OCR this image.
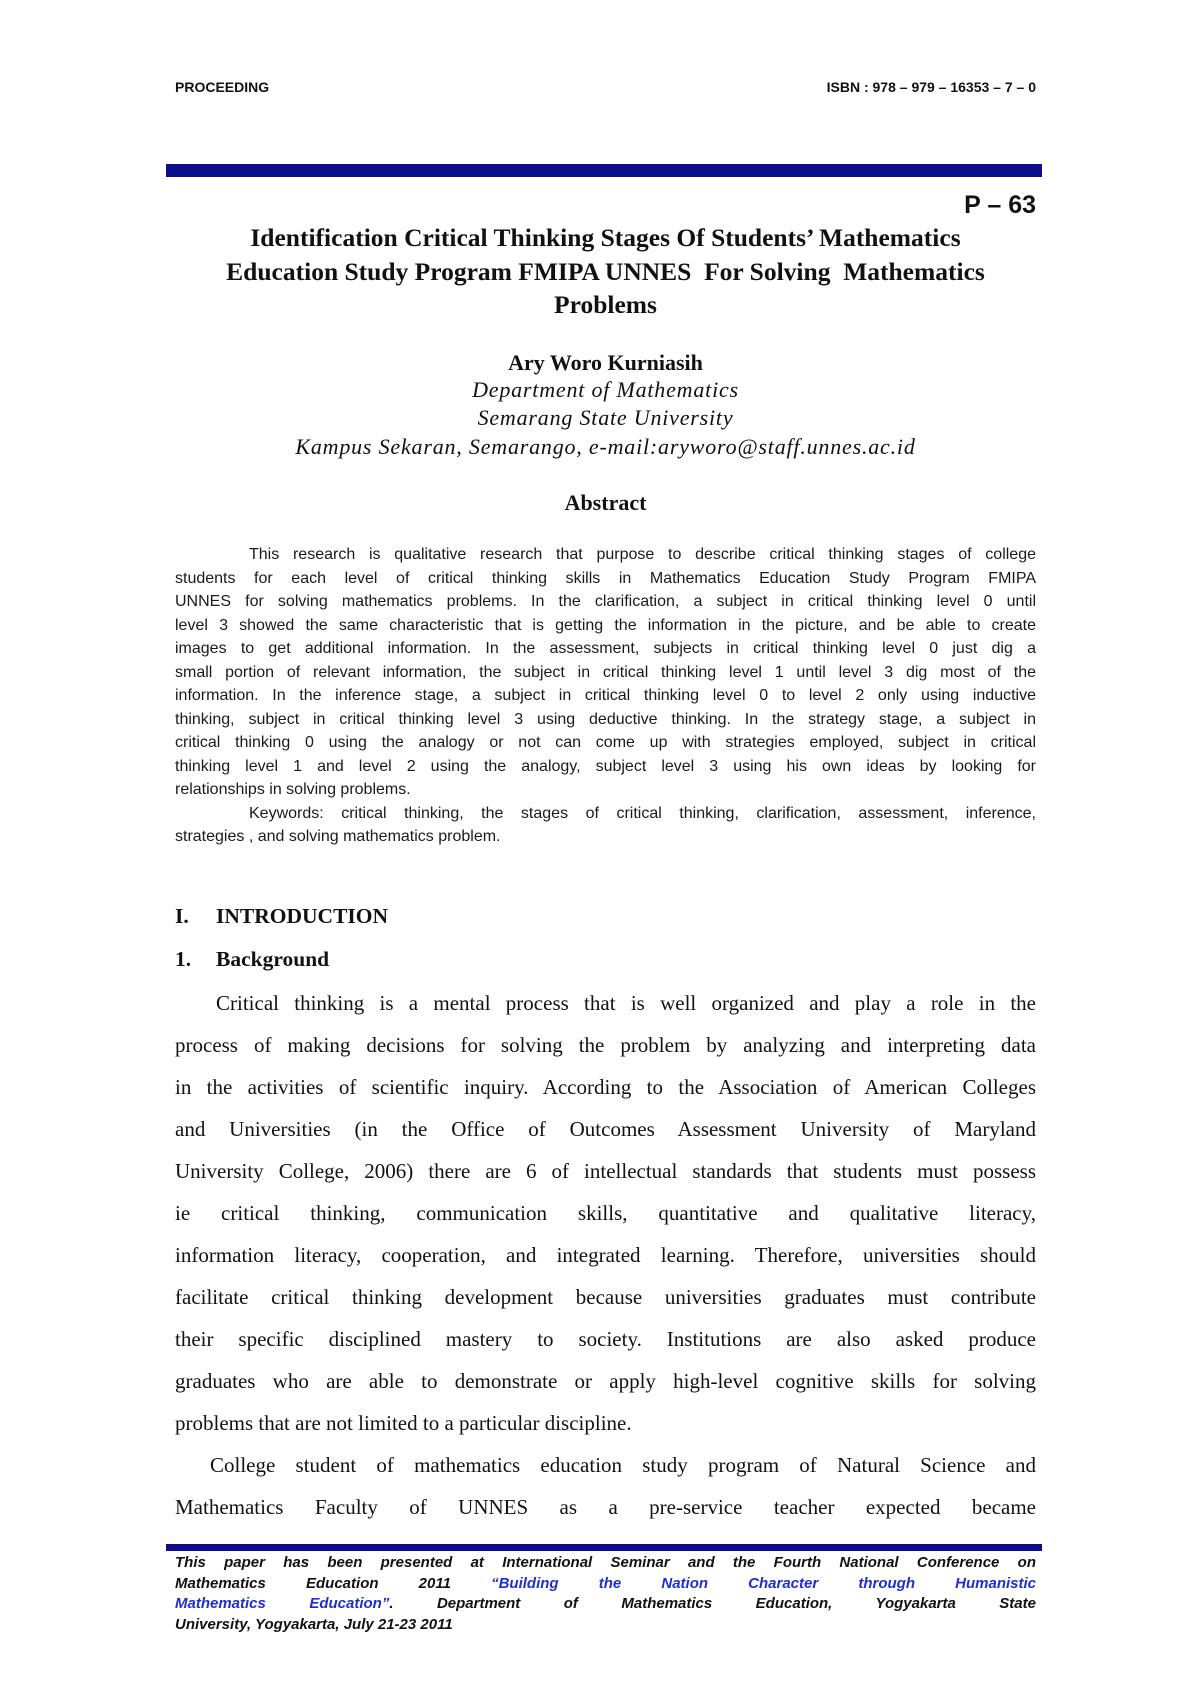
PROCEEDING	ISBN : 978 – 979 – 16353 – 7 – 0
P – 63
Identification Critical Thinking Stages Of Students’ Mathematics
Education Study Program FMIPA UNNES  For Solving  Mathematics
Problems
Ary Woro Kurniasih
Department of Mathematics
Semarang State University
Kampus Sekaran, Semarango, e-mail:aryworo@staff.unnes.ac.id
Abstract
This research is qualitative research that purpose to describe critical thinking stages of college
students for each level of critical thinking skills in Mathematics Education Study Program FMIPA
UNNES for solving mathematics problems. In the clarification, a subject in critical thinking level 0 until
level 3 showed the same characteristic that is getting the information in the picture, and be able to create
images to get additional information. In the assessment, subjects in critical thinking level 0 just dig a
small portion of relevant information, the subject in critical thinking level 1 until level 3 dig most of the
information. In the inference stage, a subject in critical thinking level 0 to level 2 only using inductive
thinking, subject in critical thinking level 3 using deductive thinking. In the strategy stage, a subject in
critical thinking 0 using the analogy or not can come up with strategies employed, subject in critical
thinking level 1 and level 2 using the analogy, subject level 3 using his own ideas by looking for
relationships in solving problems.
Keywords: critical thinking, the stages of critical thinking, clarification, assessment, inference,
strategies , and solving mathematics problem.
I. INTRODUCTION
1. Background
Critical thinking is a mental process that is well organized and play a role in the
process of making decisions for solving the problem by analyzing and interpreting data
in the activities of scientific inquiry. According to the Association of American Colleges
and Universities (in the Office of Outcomes Assessment University of Maryland
University College, 2006) there are 6 of intellectual standards that students must possess
ie critical thinking, communication skills, quantitative and qualitative literacy,
information literacy, cooperation, and integrated learning. Therefore, universities should
facilitate critical thinking development because universities graduates must contribute
their specific disciplined mastery to society. Institutions are also asked produce
graduates who are able to demonstrate or apply high-level cognitive skills for solving
problems that are not limited to a particular discipline.
College student of mathematics education study program of Natural Science and
Mathematics Faculty of UNNES as a pre-service teacher expected became
This paper has been presented at International Seminar and the Fourth National Conference on
Mathematics Education 2011 “Building the Nation Character through Humanistic
Mathematics Education”. Department of Mathematics Education, Yogyakarta State
University, Yogyakarta, July 21-23 2011
